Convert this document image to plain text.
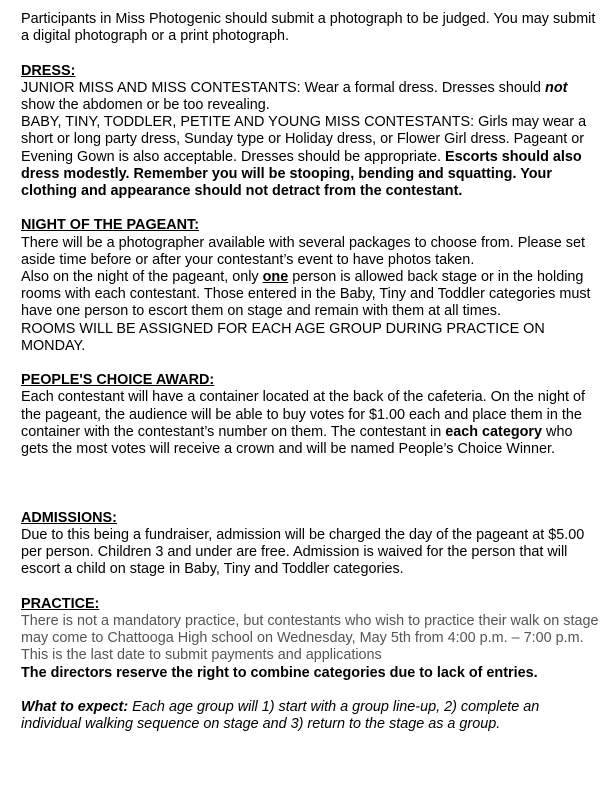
Participants in Miss Photogenic should submit a photograph to be judged. You may submit a digital photograph or a print photograph.

DRESS:

JUNIOR MISS AND MISS CONTESTANTS: Wear a formal dress. Dresses should not show the abdomen or be too revealing.

BABY, TINY, TODDLER, PETITE AND YOUNG MISS CONTESTANTS: Girls may wear a short or long party dress, Sunday type or Holiday dress, or Flower Girl dress. Pageant or Evening Gown is also acceptable. Dresses should be appropriate. Escorts should also dress modestly. Remember you will be stooping, bending and squatting. Your clothing and appearance should not detract from the contestant.

NIGHT OF THE PAGEANT:

There will be a photographer available with several packages to choose from. Please set aside time before or after your contestant’s event to have photos taken.

Also on the night of the pageant, only one person is allowed back stage or in the holding rooms with each contestant. Those entered in the Baby, Tiny and Toddler categories must have one person to escort them on stage and remain with them at all times.

ROOMS WILL BE ASSIGNED FOR EACH AGE GROUP DURING PRACTICE ON MONDAY.

PEOPLE'S CHOICE AWARD:

Each contestant will have a container located at the back of the cafeteria. On the night of the pageant, the audience will be able to buy votes for $1.00 each and place them in the container with the contestant’s number on them. The contestant in each category who gets the most votes will receive a crown and will be named People’s Choice Winner.

ADMISSIONS:

Due to this being a fundraiser, admission will be charged the day of the pageant at $5.00 per person. Children 3 and under are free. Admission is waived for the person that will escort a child on stage in Baby, Tiny and Toddler categories.

PRACTICE:

There is not a mandatory practice, but contestants who wish to practice their walk on stage may come to Chattooga High school on Wednesday, May 5th from 4:00 p.m. – 7:00 p.m. This is the last date to submit payments and applications

The directors reserve the right to combine categories due to lack of entries.

What to expect: Each age group will 1) start with a group line-up, 2) complete an individual walking sequence on stage and 3) return to the stage as a group.
